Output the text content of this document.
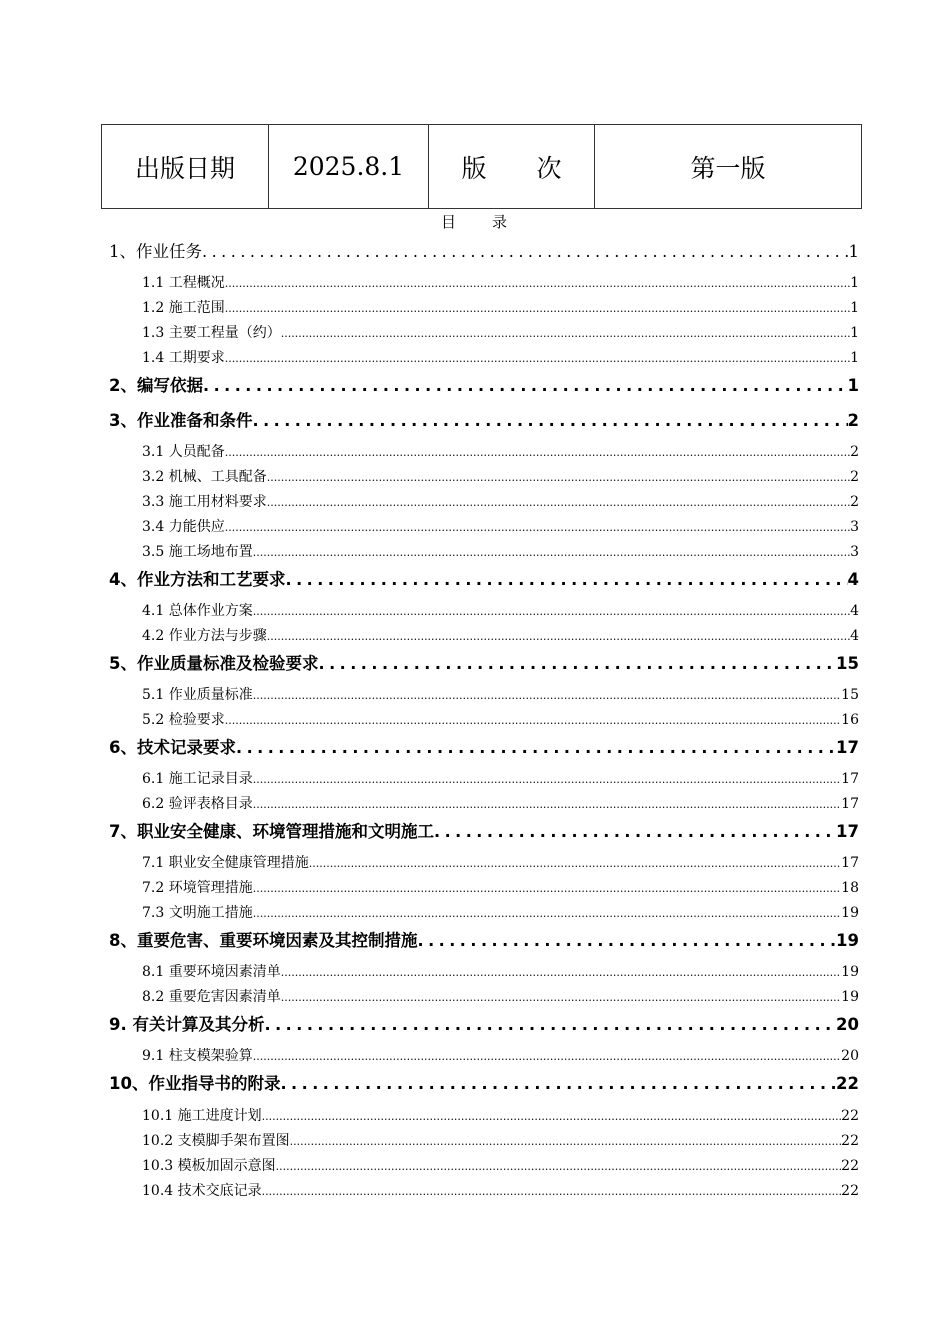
出版日期	2025.8.1	版　　次	第一版
目　　录
1、作业任务 .....	1
1.1 工程概况 .....	1
1.2 施工范围 .....	1
1.3 主要工程量（约） .....	1
1.4 工期要求 .....	1
2、编写依据 .....	1
3、作业准备和条件 .....	2
3.1 人员配备 .....	2
3.2 机械、工具配备 .....	2
3.3 施工用材料要求 .....	2
3.4 力能供应 .....	3
3.5 施工场地布置 .....	3
4、作业方法和工艺要求 .....	4
4.1 总体作业方案 .....	4
4.2 作业方法与步骤 .....	4
5、作业质量标准及检验要求 .....	15
5.1 作业质量标准 .....	15
5.2 检验要求 .....	16
6、技术记录要求 .....	17
6.1 施工记录目录 .....	17
6.2 验评表格目录 .....	17
7、职业安全健康、环境管理措施和文明施工 .....	17
7.1 职业安全健康管理措施 .....	17
7.2 环境管理措施 .....	18
7.3 文明施工措施 .....	19
8、重要危害、重要环境因素及其控制措施 .....	19
8.1 重要环境因素清单 .....	19
8.2 重要危害因素清单 .....	19
9. 有关计算及其分析 .....	20
9.1 柱支模架验算 .....	20
10、作业指导书的附录 .....	22
10.1 施工进度计划 .....	22
10.2 支模脚手架布置图 .....	22
10.3 模板加固示意图 .....	22
10.4 技术交底记录 .....	22
